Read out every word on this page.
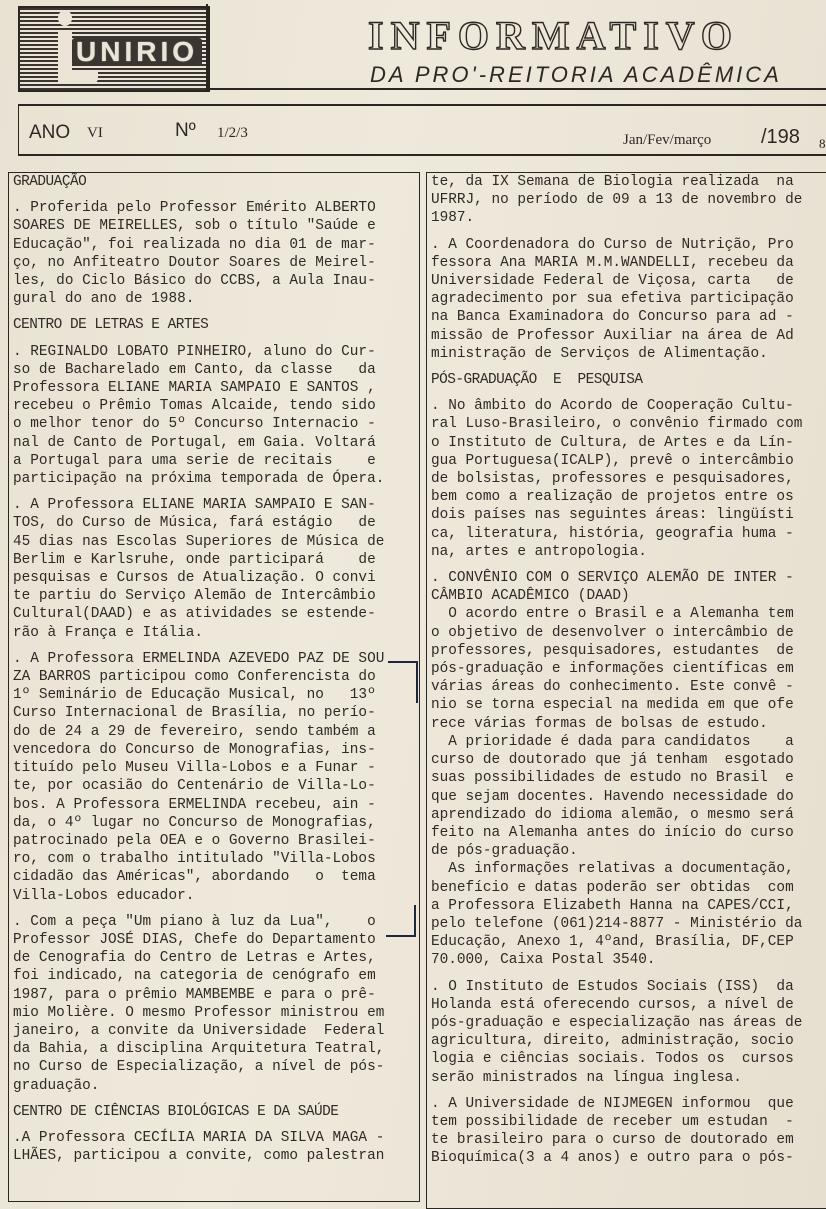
UNIRIO	INFORMATIVO
DA PRO'-REITORIA ACADÊMICA
ANO VI	Nº 1/2/3	Jan/Fev/março /198 8

GRADUAÇÃO
. Proferida pelo Professor Emérito ALBERTO
SOARES DE MEIRELLES, sob o título "Saúde e
Educação", foi realizada no dia 01 de mar-
ço, no Anfiteatro Doutor Soares de Meirel-
les, do Ciclo Básico do CCBS, a Aula Inau-
gural do ano de 1988.
CENTRO DE LETRAS E ARTES
. REGINALDO LOBATO PINHEIRO, aluno do Cur-
so de Bacharelado em Canto, da classe   da
Professora ELIANE MARIA SAMPAIO E SANTOS ,
recebeu o Prêmio Tomas Alcaide, tendo sido
o melhor tenor do 5º Concurso Internacio -
nal de Canto de Portugal, em Gaia. Voltará
a Portugal para uma serie de recitais    e
participação na próxima temporada de Ópera.
. A Professora ELIANE MARIA SAMPAIO E SAN-
TOS, do Curso de Música, fará estágio   de
45 dias nas Escolas Superiores de Música de
Berlim e Karlsruhe, onde participará    de
pesquisas e Cursos de Atualização. O convi
te partiu do Serviço Alemão de Intercâmbio
Cultural(DAAD) e as atividades se estende-
rão à França e Itália.
. A Professora ERMELINDA AZEVEDO PAZ DE SOU
ZA BARROS participou como Conferencista do
1º Seminário de Educação Musical, no   13º
Curso Internacional de Brasília, no perío-
do de 24 a 29 de fevereiro, sendo também a
vencedora do Concurso de Monografias, ins-
tituído pelo Museu Villa-Lobos e a Funar -
te, por ocasião do Centenário de Villa-Lo-
bos. A Professora ERMELINDA recebeu, ain -
da, o 4º lugar no Concurso de Monografias,
patrocinado pela OEA e o Governo Brasilei-
ro, com o trabalho intitulado "Villa-Lobos
cidadão das Américas", abordando   o  tema
Villa-Lobos educador.
. Com a peça "Um piano à luz da Lua",    o
Professor JOSÉ DIAS, Chefe do Departamento
de Cenografia do Centro de Letras e Artes,
foi indicado, na categoria de cenógrafo em
1987, para o prêmio MAMBEMBE e para o prê-
mio Molière. O mesmo Professor ministrou em
janeiro, a convite da Universidade  Federal
da Bahia, a disciplina Arquitetura Teatral,
no Curso de Especialização, a nível de pós-
graduação.
CENTRO DE CIÊNCIAS BIOLÓGICAS E DA SAÚDE
.A Professora CECÍLIA MARIA DA SILVA MAGA -
LHÃES, participou a convite, como palestran

te, da IX Semana de Biologia realizada  na
UFRRJ, no período de 09 a 13 de novembro de
1987.
. A Coordenadora do Curso de Nutrição, Pro
fessora Ana MARIA M.M.WANDELLI, recebeu da
Universidade Federal de Viçosa, carta   de
agradecimento por sua efetiva participação
na Banca Examinadora do Concurso para ad -
missão de Professor Auxiliar na área de Ad
ministração de Serviços de Alimentação.
PÓS-GRADUAÇÃO  E  PESQUISA
. No âmbito do Acordo de Cooperação Cultu-
ral Luso-Brasileiro, o convênio firmado com
o Instituto de Cultura, de Artes e da Lín-
gua Portuguesa(ICALP), prevê o intercâmbio
de bolsistas, professores e pesquisadores,
bem como a realização de projetos entre os
dois países nas seguintes áreas: lingüísti
ca, literatura, história, geografia huma -
na, artes e antropologia.
. CONVÊNIO COM O SERVIÇO ALEMÃO DE INTER -
CÂMBIO ACADÊMICO (DAAD)
O acordo entre o Brasil e a Alemanha tem
o objetivo de desenvolver o intercâmbio de
professores, pesquisadores, estudantes  de
pós-graduação e informações científicas em
várias áreas do conhecimento. Este convê -
nio se torna especial na medida em que ofe
rece várias formas de bolsas de estudo.
A prioridade é dada para candidatos    a
curso de doutorado que já tenham  esgotado
suas possibilidades de estudo no Brasil  e
que sejam docentes. Havendo necessidade do
aprendizado do idioma alemão, o mesmo será
feito na Alemanha antes do início do curso
de pós-graduação.
As informações relativas a documentação,
benefício e datas poderão ser obtidas  com
a Professora Elizabeth Hanna na CAPES/CCI,
pelo telefone (061)214-8877 - Ministério da
Educação, Anexo 1, 4ºand, Brasília, DF,CEP
70.000, Caixa Postal 3540.
. O Instituto de Estudos Sociais (ISS)  da
Holanda está oferecendo cursos, a nível de
pós-graduação e especialização nas áreas de
agricultura, direito, administração, socio
logia e ciências sociais. Todos os  cursos
serão ministrados na língua inglesa.
. A Universidade de NIJMEGEN informou  que
tem possibilidade de receber um estudan  -
te brasileiro para o curso de doutorado em
Bioquímica(3 a 4 anos) e outro para o pós-
